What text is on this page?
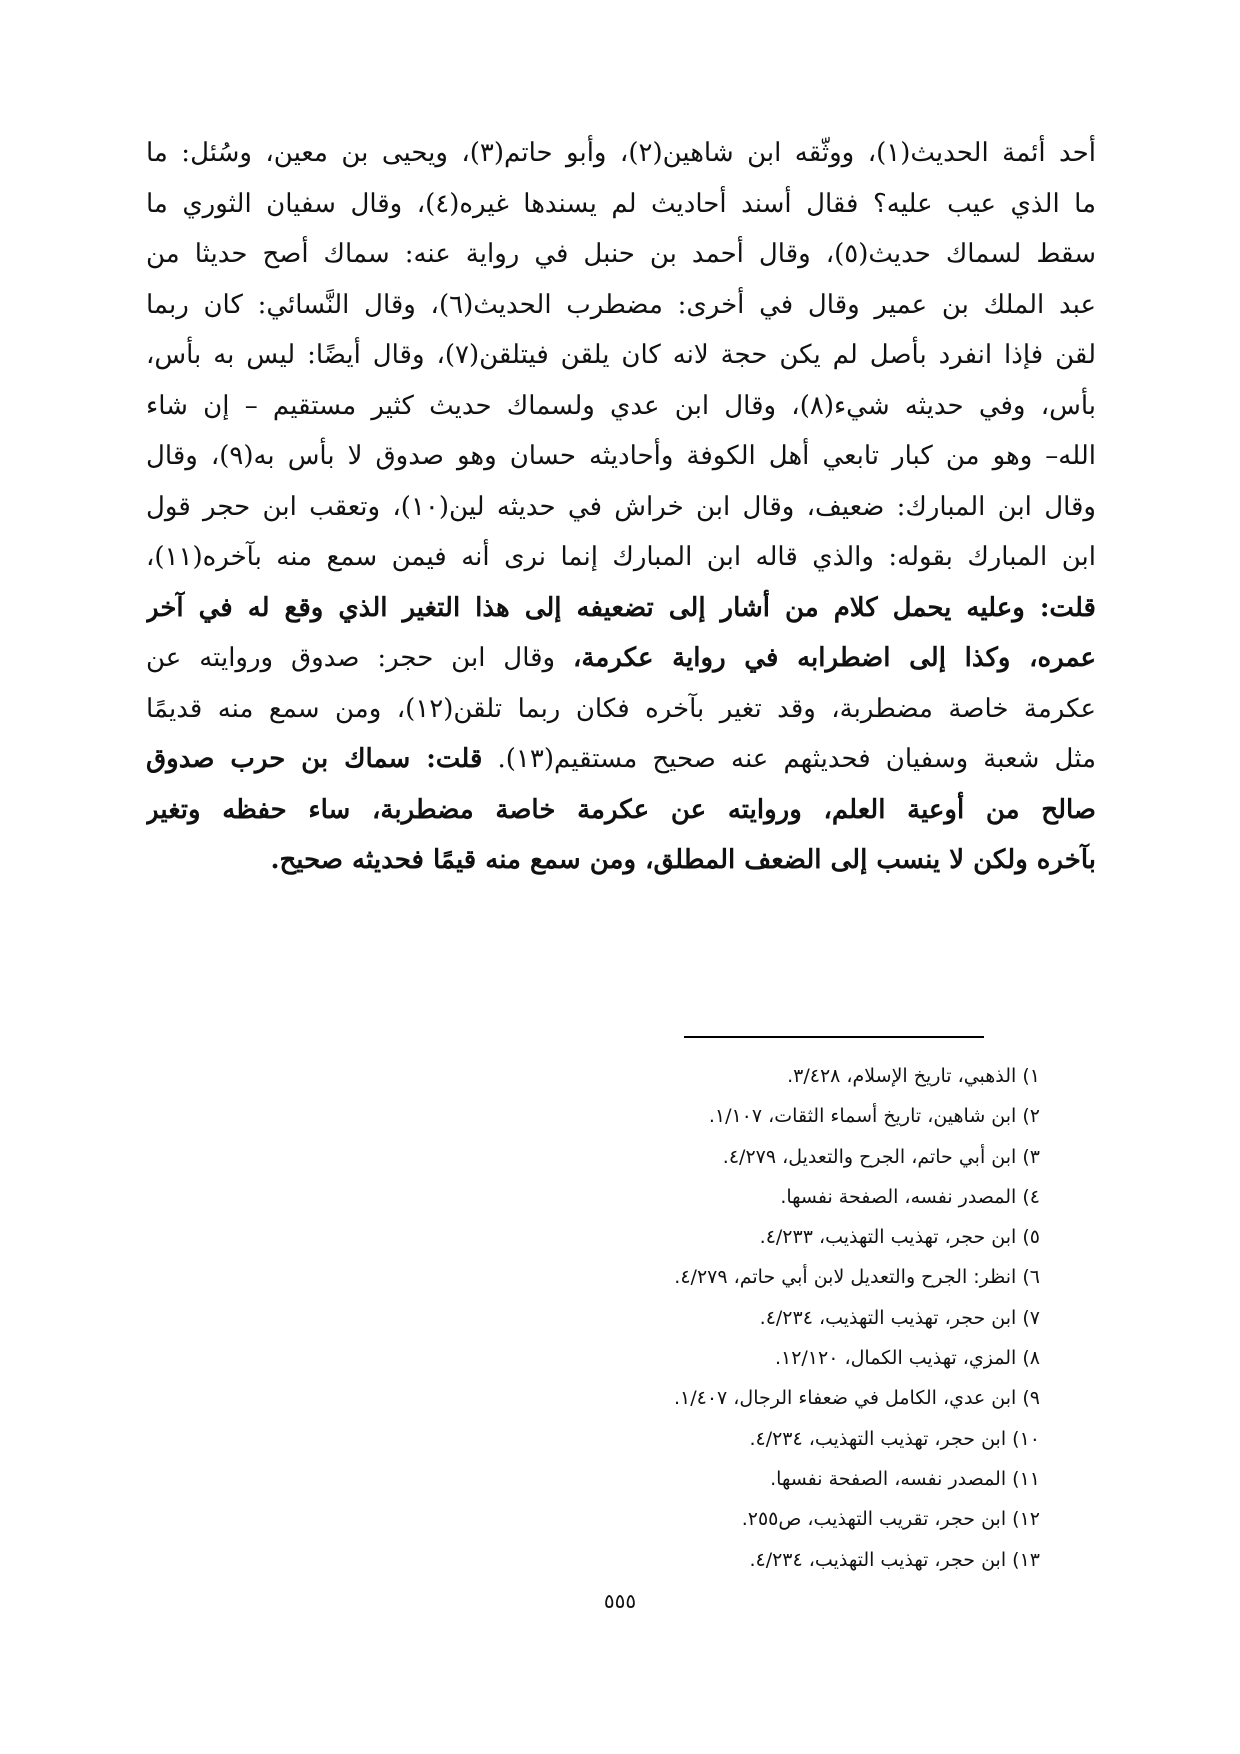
أحد أئمة الحديث(١)، ووثّقه ابن شاهين(٢)، وأبو حاتم(٣)، ويحيى بن معين، وسُئل: ما
ما الذي عيب عليه؟ فقال أسند أحاديث لم يسندها غيره(٤)، وقال سفيان الثوري ما
سقط لسماك حديث(٥)، وقال أحمد بن حنبل في رواية عنه: سماك أصح حديثا من
عبد الملك بن عمير وقال في أخرى: مضطرب الحديث(٦)، وقال النَّسائي: كان ربما
لقن فإذا انفرد بأصل لم يكن حجة لانه كان يلقن فيتلقن(٧)، وقال أيضًا: ليس به بأس،
بأس، وفي حديثه شيء(٨)، وقال ابن عدي ولسماك حديث كثير مستقيم – إن شاء
الله– وهو من كبار تابعي أهل الكوفة وأحاديثه حسان وهو صدوق لا بأس به(٩)، وقال
وقال ابن المبارك: ضعيف، وقال ابن خراش في حديثه لين(١٠)، وتعقب ابن حجر قول
ابن المبارك بقوله: والذي قاله ابن المبارك إنما نرى أنه فيمن سمع منه بآخره(١١)،
قلت: وعليه يحمل كلام من أشار إلى تضعيفه إلى هذا التغير الذي وقع له في آخر
عمره، وكذا إلى اضطرابه في رواية عكرمة، وقال ابن حجر: صدوق وروايته عن
عكرمة خاصة مضطربة، وقد تغير بآخره فكان ربما تلقن(١٢)، ومن سمع منه قديمًا
مثل شعبة وسفيان فحديثهم عنه صحيح مستقيم(١٣). قلت: سماك بن حرب صدوق
صالح من أوعية العلم، وروايته عن عكرمة خاصة مضطربة، ساء حفظه وتغير
بآخره ولكن لا ينسب إلى الضعف المطلق، ومن سمع منه قيمًا فحديثه صحيح.
١) الذهبي، تاريخ الإسلام، ٣/٤٢٨.
٢) ابن شاهين، تاريخ أسماء الثقات، ١/١٠٧.
٣) ابن أبي حاتم، الجرح والتعديل، ٤/٢٧٩.
٤) المصدر نفسه، الصفحة نفسها.
٥) ابن حجر، تهذيب التهذيب، ٤/٢٣٣.
٦) انظر: الجرح والتعديل لابن أبي حاتم، ٤/٢٧٩.
٧) ابن حجر، تهذيب التهذيب، ٤/٢٣٤.
٨) المزي، تهذيب الكمال، ١٢/١٢٠.
٩) ابن عدي، الكامل في ضعفاء الرجال، ١/٤٠٧.
١٠) ابن حجر، تهذيب التهذيب، ٤/٢٣٤.
١١) المصدر نفسه، الصفحة نفسها.
١٢) ابن حجر، تقريب التهذيب، ص٢٥٥.
١٣) ابن حجر، تهذيب التهذيب، ٤/٢٣٤.
٥٥٥
